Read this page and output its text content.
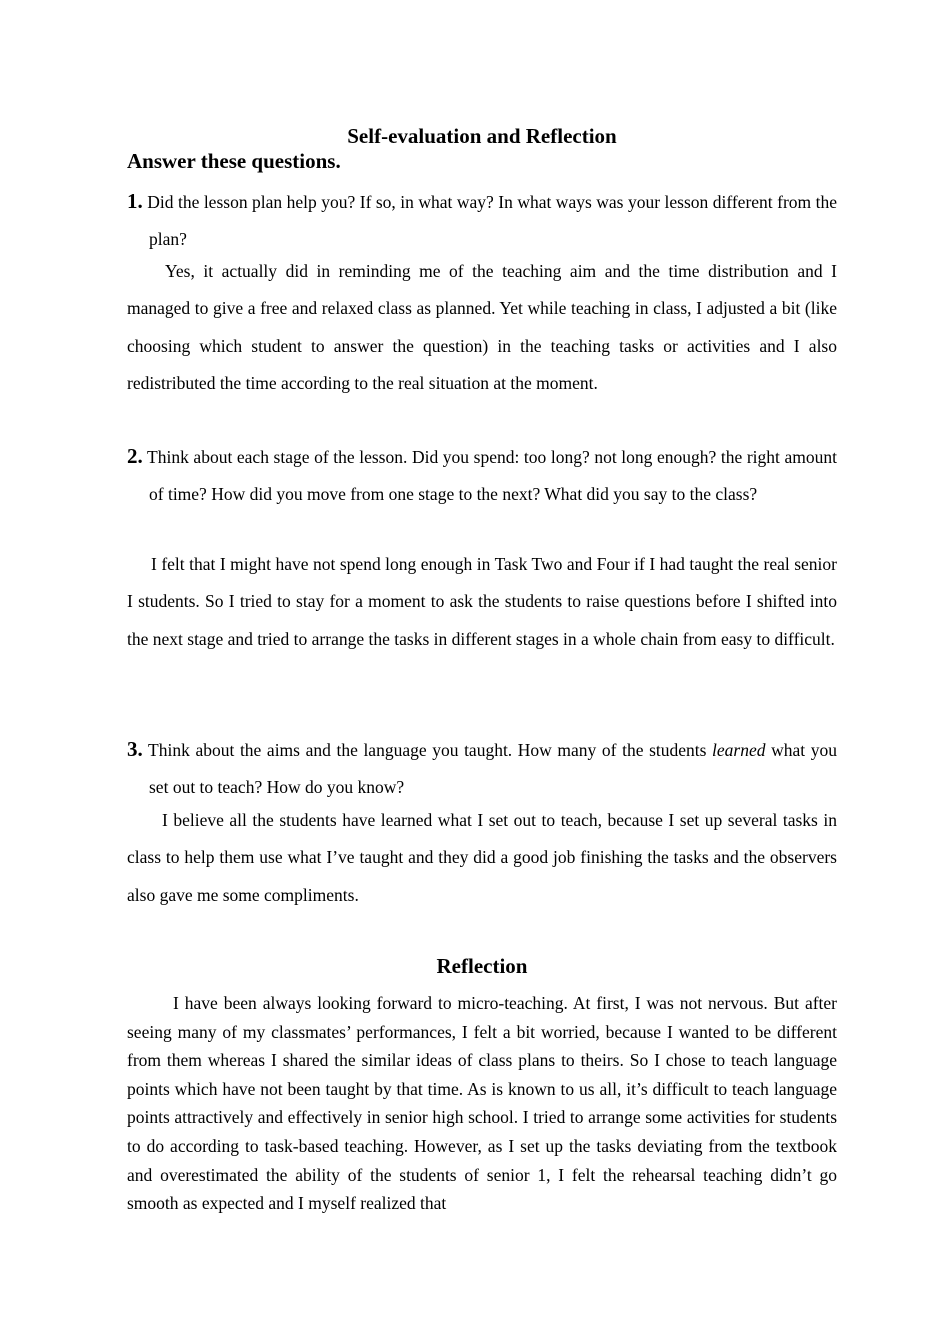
Self-evaluation and Reflection
Answer these questions.
1. Did the lesson plan help you? If so, in what way? In what ways was your lesson different from the plan?
Yes, it actually did in reminding me of the teaching aim and the time distribution and I managed to give a free and relaxed class as planned. Yet while teaching in class, I adjusted a bit (like choosing which student to answer the question) in the teaching tasks or activities and I also redistributed the time according to the real situation at the moment.
2. Think about each stage of the lesson. Did you spend: too long? not long enough? the right amount of time? How did you move from one stage to the next? What did you say to the class?
I felt that I might have not spend long enough in Task Two and Four if I had taught the real senior I students. So I tried to stay for a moment to ask the students to raise questions before I shifted into the next stage and tried to arrange the tasks in different stages in a whole chain from easy to difficult.
3. Think about the aims and the language you taught. How many of the students learned what you set out to teach? How do you know?
I believe all the students have learned what I set out to teach, because I set up several tasks in class to help them use what I’ve taught and they did a good job finishing the tasks and the observers also gave me some compliments.
Reflection
I have been always looking forward to micro-teaching. At first, I was not nervous. But after seeing many of my classmates’ performances, I felt a bit worried, because I wanted to be different from them whereas I shared the similar ideas of class plans to theirs. So I chose to teach language points which have not been taught by that time. As is known to us all, it’s difficult to teach language points attractively and effectively in senior high school. I tried to arrange some activities for students to do according to task-based teaching. However, as I set up the tasks deviating from the textbook and overestimated the ability of the students of senior 1, I felt the rehearsal teaching didn’t go smooth as expected and I myself realized that
